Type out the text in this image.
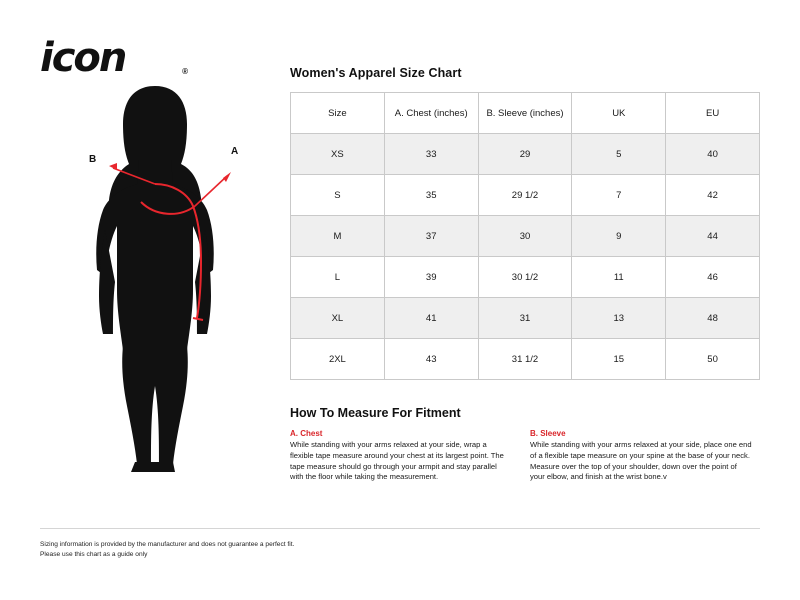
icon	®
A
B
Women's Apparel Size Chart
Size	A. Chest (inches)	B. Sleeve (inches)	UK	EU
XS	33	29	5	40
S	35	29 1/2	7	42
M	37	30	9	44
L	39	30 1/2	11	46
XL	41	31	13	48
2XL	43	31 1/2	15	50
How To Measure For Fitment
A. Chest
While standing with your arms relaxed at your side, wrap a flexible tape measure around your chest at its largest point. The tape measure should go through your armpit and stay parallel with the floor while taking the measurement.
B. Sleeve
While standing with your arms relaxed at your side, place one end of a flexible tape measure on your spine at the base of your neck. Measure over the top of your shoulder, down over the point of your elbow, and finish at the wrist bone.v
Sizing information is provided by the manufacturer and does not guarantee a perfect fit.
Please use this chart as a guide only
